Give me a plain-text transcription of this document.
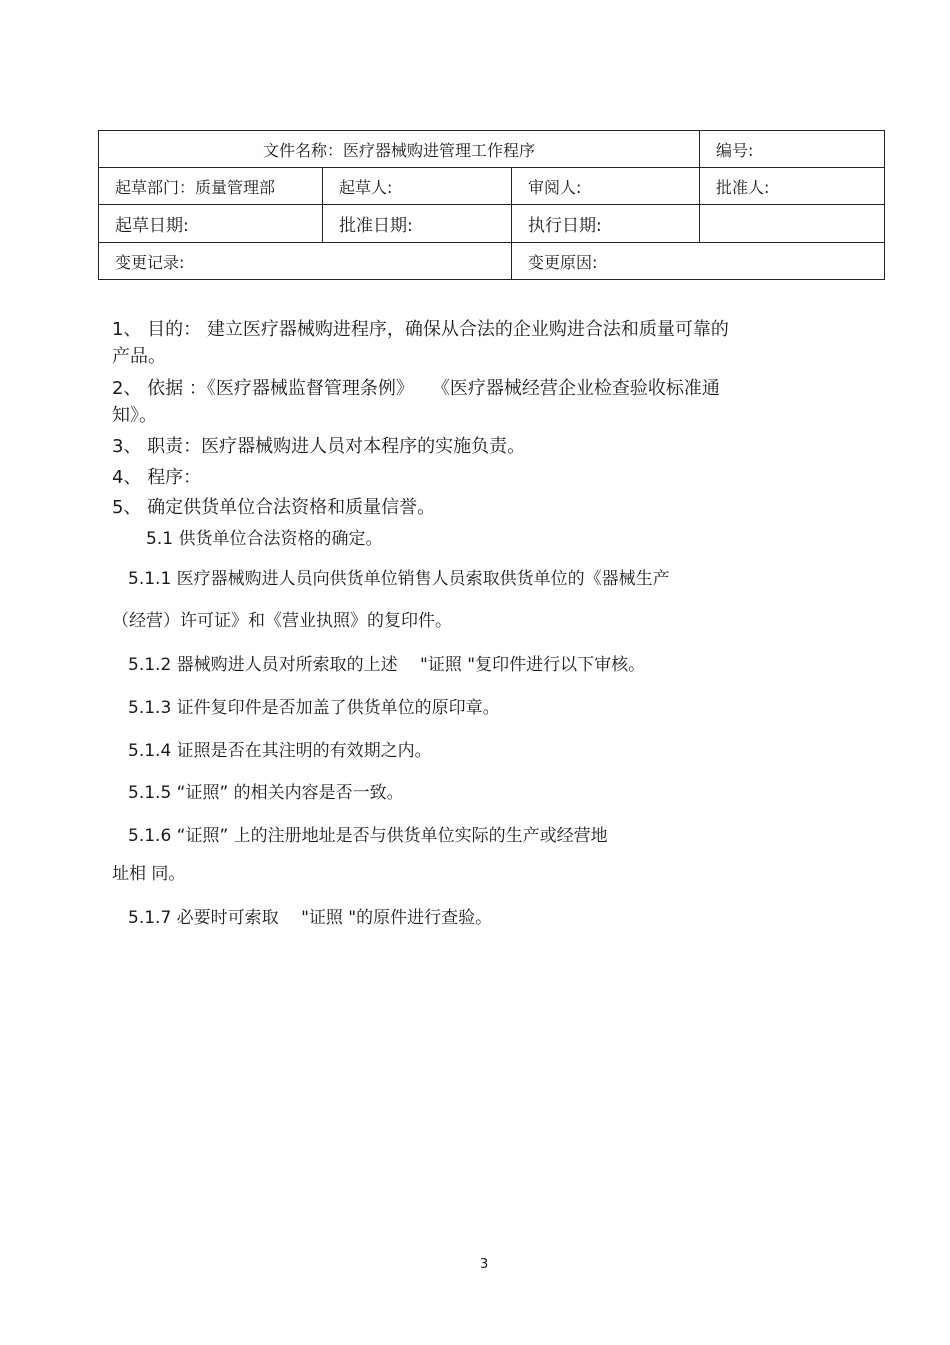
文件名称：医疗器械购进管理工作程序			编号:
起草部门：质量管理部	起草人:	审阅人:	批准人:
起草日期:	批准日期:	执行日期:	
变更记录:		变更原因:	
1、 目的： 建立医疗器械购进程序，确保从合法的企业购进合法和质量可靠的
产品。
2、 依据 ：《医疗器械监督管理条例》　　《医疗器械经营企业检查验收标准通
知》。
3、 职责：医疗器械购进人员对本程序的实施负责。
4、 程序：
5、 确定供货单位合法资格和质量信誉。
5.1 供货单位合法资格的确定。
5.1.1 医疗器械购进人员向供货单位销售人员索取供货单位的《器械生产
（经营）许可证》和《营业执照》的复印件。
5.1.2 器械购进人员对所索取的上述　 "证照 "复印件进行以下审核。
5.1.3 证件复印件是否加盖了供货单位的原印章。
5.1.4 证照是否在其注明的有效期之内。
5.1.5 “证照” 的相关内容是否一致。
5.1.6 “证照” 上的注册地址是否与供货单位实际的生产或经营地
址相 同。
5.1.7 必要时可索取　 "证照 "的原件进行查验。
3
